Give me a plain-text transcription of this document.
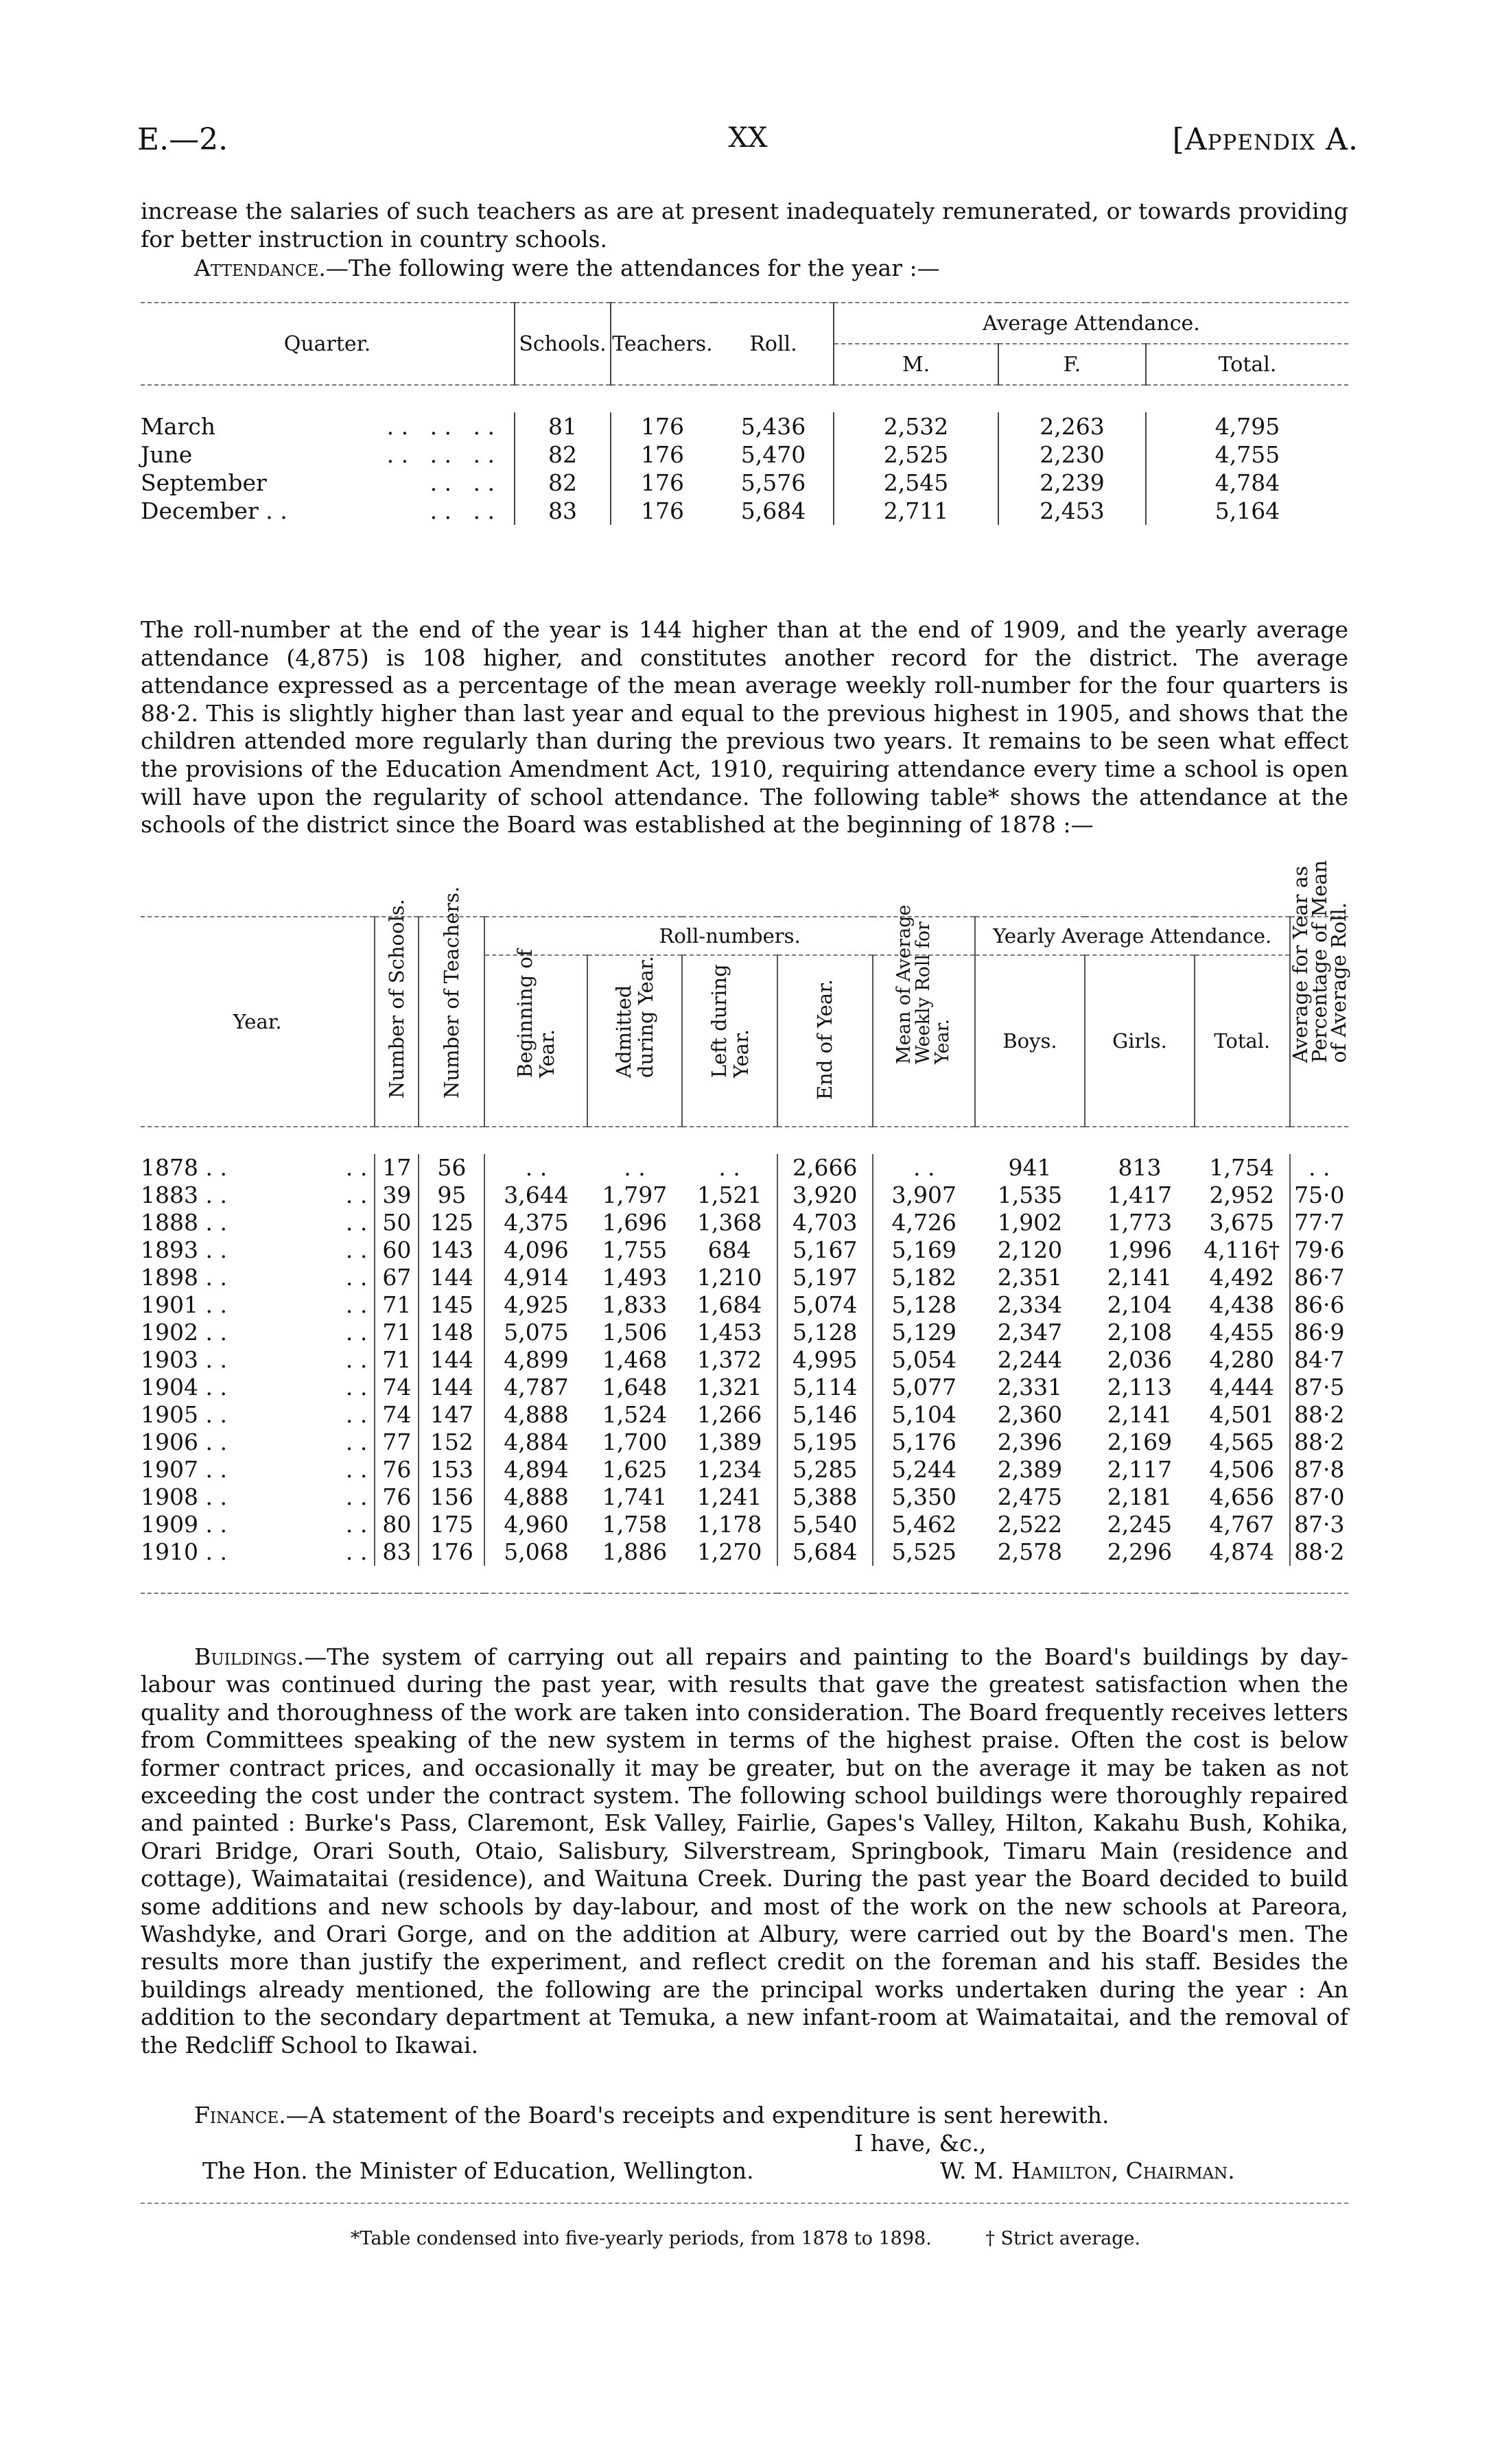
E.—2.	XX	[Appendix A.
increase the salaries of such teachers as are at present inadequately remunerated, or towards providing for better instruction in country schools.
Attendance.—The following were the attendances for the year :—
Quarter.	Schools.	Teachers.	Roll.	Average Attendance.		
				M.	F.	Total.

March . .   . .   . .	81	176	5,436	2,532	2,263	4,795
June . .   . .   . .	82	176	5,470	2,525	2,230	4,755
September . .   . .	82	176	5,576	2,545	2,239	4,784
December . . . .   . .	83	176	5,684	2,711	2,453	5,164

The roll-number at the end of the year is 144 higher than at the end of 1909, and the yearly average attendance (4,875) is 108 higher, and constitutes another record for the district. The average attendance expressed as a percentage of the mean average weekly roll-number for the four quarters is 88·2. This is slightly higher than last year and equal to the previous highest in 1905, and shows that the children attended more regularly than during the previous two years. It remains to be seen what effect the provisions of the Education Amendment Act, 1910, requiring attendance every time a school is open will have upon the regularity of school attendance. The following table* shows the attendance at the schools of the district since the Board was established at the beginning of 1878 :—
Year.	Number of Schools.	Number of Teachers.	Roll-numbers.					Yearly Average Attendance.			Average for Year as Percentage of Mean of Average Roll.

			Beginning of Year.	Admitted during Year.	Left during Year.	End of Year.	Mean of Average Weekly Roll for Year.	Boys.	Girls.	Total.	

1878 . . . .	17	56	. .	. .	. .	2,666	. .	941	813	1,754	. .
1883 . . . .	39	95	3,644	1,797	1,521	3,920	3,907	1,535	1,417	2,952	75·0
1888 . . . .	50	125	4,375	1,696	1,368	4,703	4,726	1,902	1,773	3,675	77·7
1893 . . . .	60	143	4,096	1,755	684	5,167	5,169	2,120	1,996	4,116†	79·6
1898 . . . .	67	144	4,914	1,493	1,210	5,197	5,182	2,351	2,141	4,492	86·7
1901 . . . .	71	145	4,925	1,833	1,684	5,074	5,128	2,334	2,104	4,438	86·6
1902 . . . .	71	148	5,075	1,506	1,453	5,128	5,129	2,347	2,108	4,455	86·9
1903 . . . .	71	144	4,899	1,468	1,372	4,995	5,054	2,244	2,036	4,280	84·7
1904 . . . .	74	144	4,787	1,648	1,321	5,114	5,077	2,331	2,113	4,444	87·5
1905 . . . .	74	147	4,888	1,524	1,266	5,146	5,104	2,360	2,141	4,501	88·2
1906 . . . .	77	152	4,884	1,700	1,389	5,195	5,176	2,396	2,169	4,565	88·2
1907 . . . .	76	153	4,894	1,625	1,234	5,285	5,244	2,389	2,117	4,506	87·8
1908 . . . .	76	156	4,888	1,741	1,241	5,388	5,350	2,475	2,181	4,656	87·0
1909 . . . .	80	175	4,960	1,758	1,178	5,540	5,462	2,522	2,245	4,767	87·3
1910 . . . .	83	176	5,068	1,886	1,270	5,684	5,525	2,578	2,296	4,874	88·2

Buildings.—The system of carrying out all repairs and painting to the Board's buildings by day-labour was continued during the past year, with results that gave the greatest satisfaction when the quality and thoroughness of the work are taken into consideration. The Board frequently receives letters from Committees speaking of the new system in terms of the highest praise. Often the cost is below former contract prices, and occasionally it may be greater, but on the average it may be taken as not exceeding the cost under the contract system. The following school buildings were thoroughly repaired and painted : Burke's Pass, Claremont, Esk Valley, Fairlie, Gapes's Valley, Hilton, Kakahu Bush, Kohika, Orari Bridge, Orari South, Otaio, Salisbury, Silverstream, Springbook, Timaru Main (residence and cottage), Waimataitai (residence), and Waituna Creek. During the past year the Board decided to build some additions and new schools by day-labour, and most of the work on the new schools at Pareora, Washdyke, and Orari Gorge, and on the addition at Albury, were carried out by the Board's men. The results more than justify the experiment, and reflect credit on the foreman and his staff. Besides the buildings already mentioned, the following are the principal works undertaken during the year : An addition to the secondary department at Temuka, a new infant-room at Waimataitai, and the removal of the Redcliff School to Ikawai.
Finance.—A statement of the Board's receipts and expenditure is sent herewith.
I have, &c.,
The Hon. the Minister of Education, Wellington.	W. M. Hamilton, Chairman.
*Table condensed into five-yearly periods, from 1878 to 1898.	† Strict average.
